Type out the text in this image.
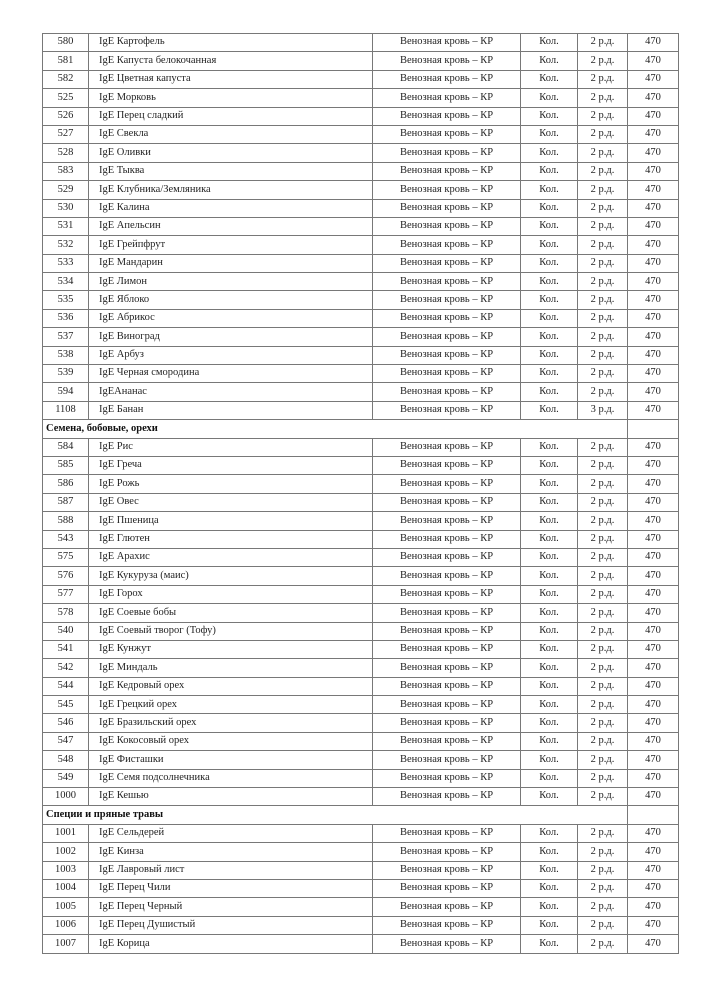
580	IgE Картофель	Венозная кровь – КР	Кол.	2 р.д.	470
581	IgE Капуста белокочанная	Венозная кровь – КР	Кол.	2 р.д.	470
582	IgE Цветная капуста	Венозная кровь – КР	Кол.	2 р.д.	470
525	IgE Морковь	Венозная кровь – КР	Кол.	2 р.д.	470
526	IgE Перец сладкий	Венозная кровь – КР	Кол.	2 р.д.	470
527	IgE Свекла	Венозная кровь – КР	Кол.	2 р.д.	470
528	IgE Оливки	Венозная кровь – КР	Кол.	2 р.д.	470
583	IgE Тыква	Венозная кровь – КР	Кол.	2 р.д.	470
529	IgE Клубника/Земляника	Венозная кровь – КР	Кол.	2 р.д.	470
530	IgE Калина	Венозная кровь – КР	Кол.	2 р.д.	470
531	IgE Апельсин	Венозная кровь – КР	Кол.	2 р.д.	470
532	IgE Грейпфрут	Венозная кровь – КР	Кол.	2 р.д.	470
533	IgE Мандарин	Венозная кровь – КР	Кол.	2 р.д.	470
534	IgE Лимон	Венозная кровь – КР	Кол.	2 р.д.	470
535	IgE Яблоко	Венозная кровь – КР	Кол.	2 р.д.	470
536	IgE Абрикос	Венозная кровь – КР	Кол.	2 р.д.	470
537	IgE Виноград	Венозная кровь – КР	Кол.	2 р.д.	470
538	IgE Арбуз	Венозная кровь – КР	Кол.	2 р.д.	470
539	IgE Черная смородина	Венозная кровь – КР	Кол.	2 р.д.	470
594	IgEАнанас	Венозная кровь – КР	Кол.	2 р.д.	470
1108	IgE Банан	Венозная кровь – КР	Кол.	3 р.д.	470
Семена, бобовые, орехи					
584	IgE Рис	Венозная кровь – КР	Кол.	2 р.д.	470
585	IgE Греча	Венозная кровь – КР	Кол.	2 р.д.	470
586	IgE Рожь	Венозная кровь – КР	Кол.	2 р.д.	470
587	IgE Овес	Венозная кровь – КР	Кол.	2 р.д.	470
588	IgE Пшеница	Венозная кровь – КР	Кол.	2 р.д.	470
543	IgE Глютен	Венозная кровь – КР	Кол.	2 р.д.	470
575	IgE Арахис	Венозная кровь – КР	Кол.	2 р.д.	470
576	IgE Кукуруза (маис)	Венозная кровь – КР	Кол.	2 р.д.	470
577	IgE Горох	Венозная кровь – КР	Кол.	2 р.д.	470
578	IgE Соевые бобы	Венозная кровь – КР	Кол.	2 р.д.	470
540	IgE Соевый творог (Тофу)	Венозная кровь – КР	Кол.	2 р.д.	470
541	IgE Кунжут	Венозная кровь – КР	Кол.	2 р.д.	470
542	IgE Миндаль	Венозная кровь – КР	Кол.	2 р.д.	470
544	IgE Кедровый орех	Венозная кровь – КР	Кол.	2 р.д.	470
545	IgE Грецкий орех	Венозная кровь – КР	Кол.	2 р.д.	470
546	IgE Бразильский орех	Венозная кровь – КР	Кол.	2 р.д.	470
547	IgE Кокосовый орех	Венозная кровь – КР	Кол.	2 р.д.	470
548	IgE Фисташки	Венозная кровь – КР	Кол.	2 р.д.	470
549	IgE Семя подсолнечника	Венозная кровь – КР	Кол.	2 р.д.	470
1000	IgE Кешью	Венозная кровь – КР	Кол.	2 р.д.	470
Специи и пряные травы					
1001	IgE Сельдерей	Венозная кровь – КР	Кол.	2 р.д.	470
1002	IgE Кинза	Венозная кровь – КР	Кол.	2 р.д.	470
1003	IgE Лавровый лист	Венозная кровь – КР	Кол.	2 р.д.	470
1004	IgE Перец Чили	Венозная кровь – КР	Кол.	2 р.д.	470
1005	IgE Перец Черный	Венозная кровь – КР	Кол.	2 р.д.	470
1006	IgE Перец Душистый	Венозная кровь – КР	Кол.	2 р.д.	470
1007	IgE Корица	Венозная кровь – КР	Кол.	2 р.д.	470
